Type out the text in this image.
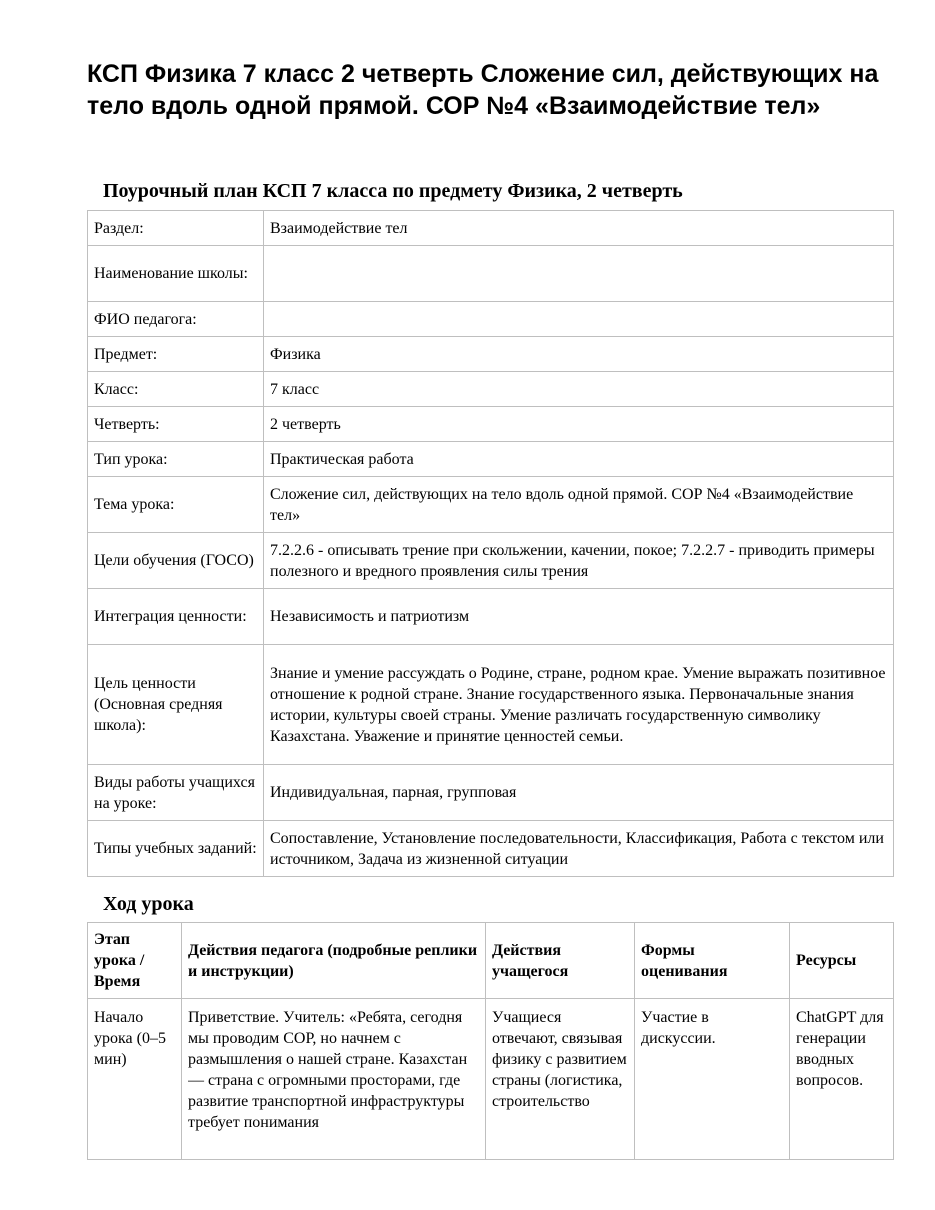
КСП Физика 7 класс 2 четверть Сложение сил, действующих на тело вдоль одной прямой. СОР №4 «Взаимодействие тел»
Поурочный план КСП 7 класса по предмету Физика, 2 четверть
Раздел:	Взаимодействие тел
Наименование школы:	
ФИО педагога:	
Предмет:	Физика
Класс:	7 класс
Четверть:	2 четверть
Тип урока:	Практическая работа
Тема урока:	Сложение сил, действующих на тело вдоль одной прямой. СОР №4 «Взаимодействие тел»
Цели обучения (ГОСО)	7.2.2.6 - описывать трение при скольжении, качении, покое; 7.2.2.7 - приводить примеры полезного и вредного проявления силы трения
Интеграция ценности:	Независимость и патриотизм
Цель ценности (Основная средняя школа):	Знание и умение рассуждать о Родине, стране, родном крае. Умение выражать позитивное отношение к родной стране. Знание государственного языка. Первоначальные знания истории, культуры своей страны. Умение различать государственную символику Казахстана. Уважение и принятие ценностей семьи.
Виды работы учащихся на уроке:	Индивидуальная, парная, групповая
Типы учебных заданий:	Сопоставление, Установление последовательности, Классификация, Работа с текстом или источником, Задача из жизненной ситуации
Ход урока
Этап урока / Время	Действия педагога (подробные реплики и инструкции)	Действия учащегося	Формы оценивания	Ресурсы

Начало урока (0–5 мин)	Приветствие. Учитель: «Ребята, сегодня мы проводим СОР, но начнем с размышления о нашей стране. Казахстан — страна с огромными просторами, где развитие транспортной инфраструктуры требует понимания	Учащиеся отвечают, связывая физику с развитием страны (логистика, строительство	Участие в дискуссии.	ChatGPT для генерации вводных вопросов.
